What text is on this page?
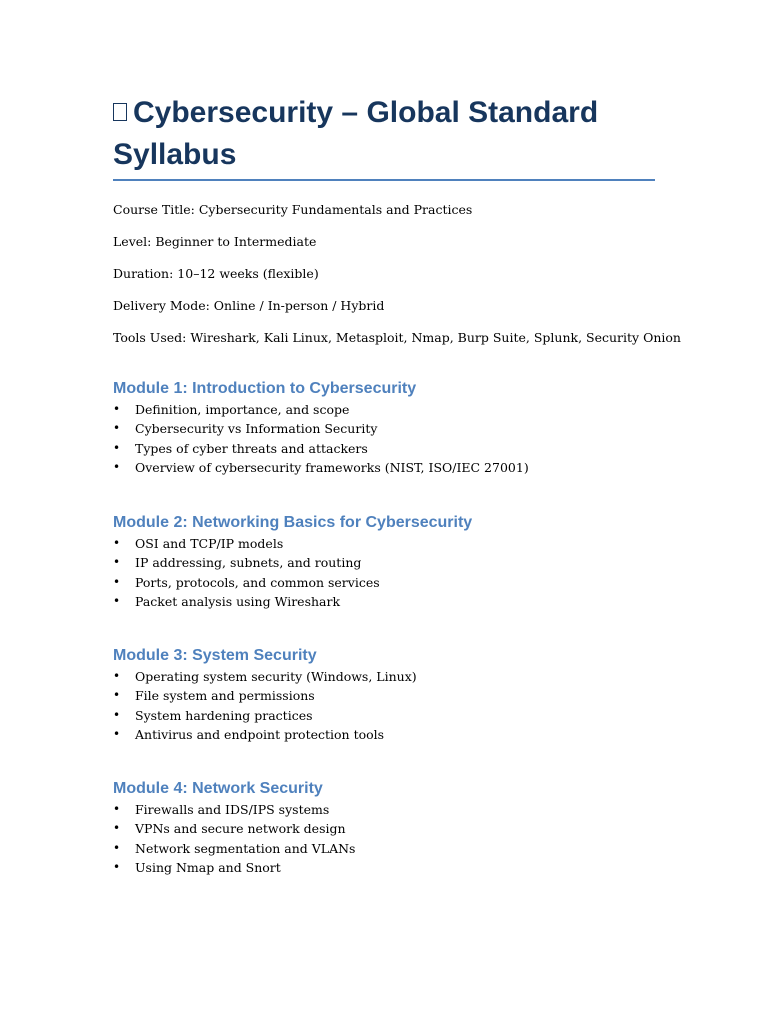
Cybersecurity – Global Standard Syllabus

Course Title: Cybersecurity Fundamentals and Practices

Level: Beginner to Intermediate

Duration: 10–12 weeks (flexible)

Delivery Mode: Online / In-person / Hybrid

Tools Used: Wireshark, Kali Linux, Metasploit, Nmap, Burp Suite, Splunk, Security Onion

Module 1: Introduction to Cybersecurity
• Definition, importance, and scope
• Cybersecurity vs Information Security
• Types of cyber threats and attackers
• Overview of cybersecurity frameworks (NIST, ISO/IEC 27001)
Module 2: Networking Basics for Cybersecurity
• OSI and TCP/IP models
• IP addressing, subnets, and routing
• Ports, protocols, and common services
• Packet analysis using Wireshark
Module 3: System Security
• Operating system security (Windows, Linux)
• File system and permissions
• System hardening practices
• Antivirus and endpoint protection tools
Module 4: Network Security
• Firewalls and IDS/IPS systems
• VPNs and secure network design
• Network segmentation and VLANs
• Using Nmap and Snort
